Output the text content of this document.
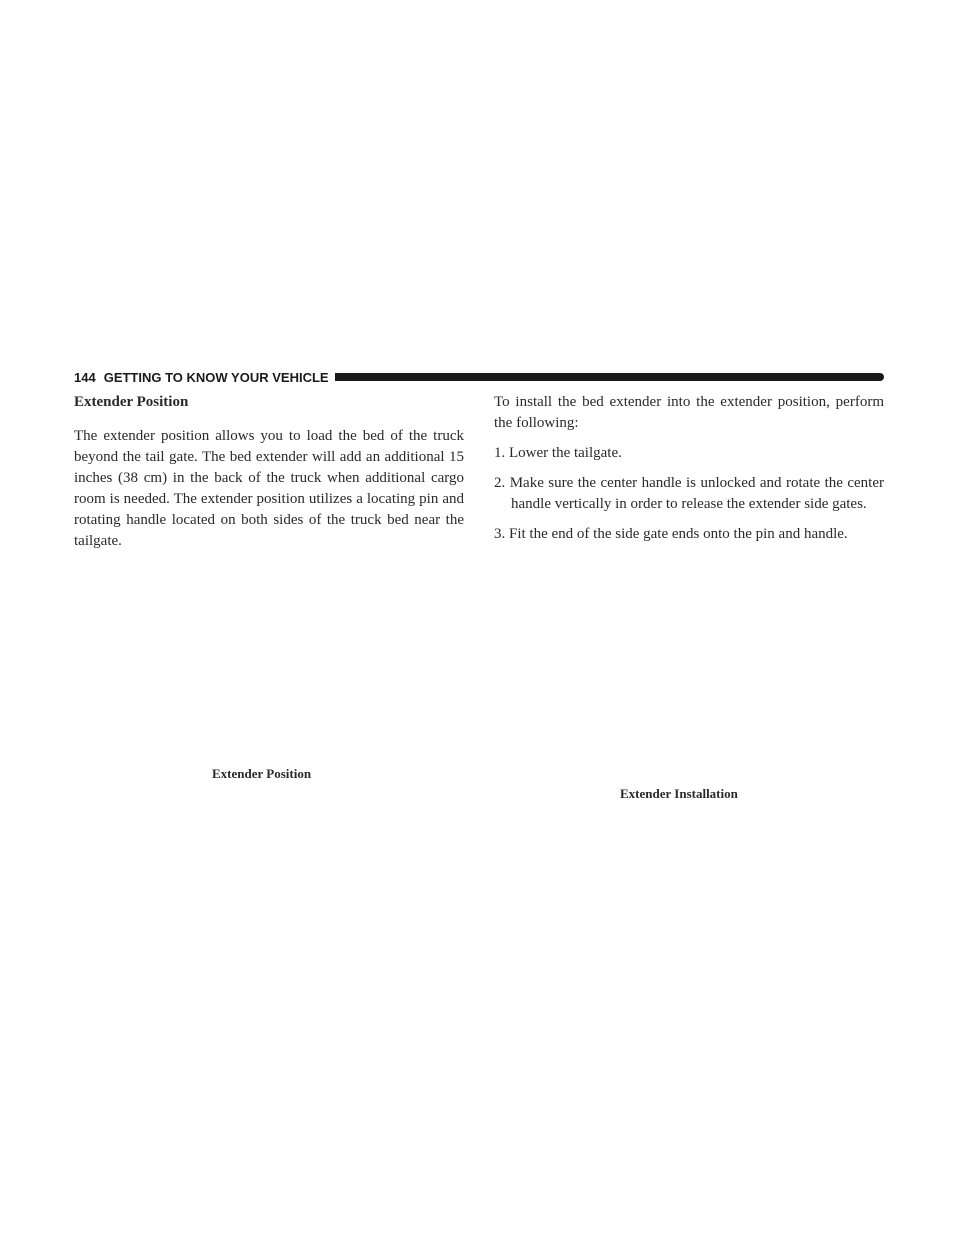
144 GETTING TO KNOW YOUR VEHICLE
Extender Position

The extender position allows you to load the bed of the truck beyond the tail gate. The bed extender will add an additional 15 inches (38 cm) in the back of the truck when additional cargo room is needed. The extender position utilizes a locating pin and rotating handle located on both sides of the truck bed near the tailgate.

To install the bed extender into the extender position, perform the following:

1. Lower the tailgate.
2. Make sure the center handle is unlocked and rotate the center handle vertically in order to release the extender side gates.
3. Fit the end of the side gate ends onto the pin and handle.
Extender Position
Extender Installation
